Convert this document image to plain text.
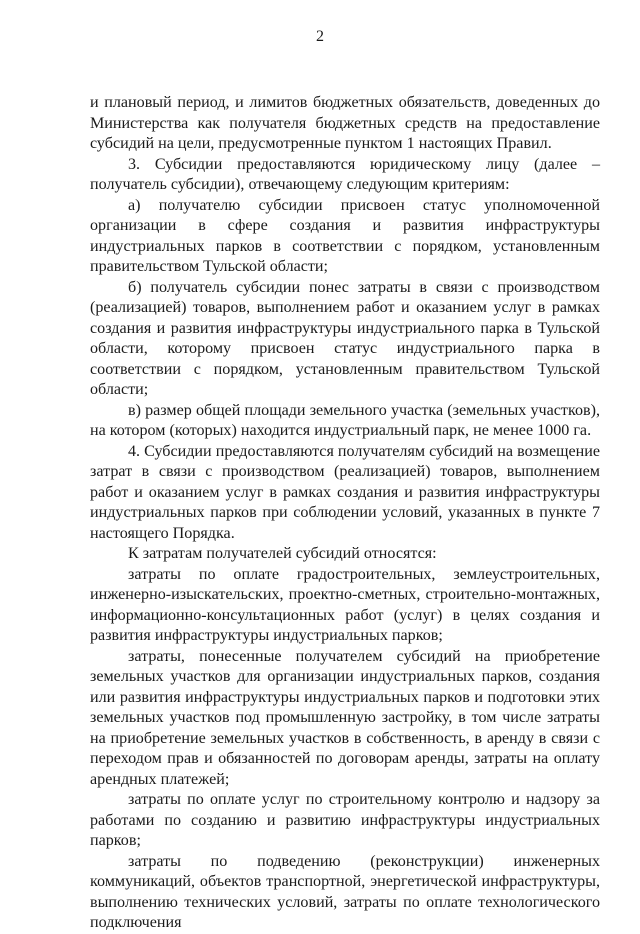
2

и плановый период, и лимитов бюджетных обязательств, доведенных до Министерства как получателя бюджетных средств на предоставление субсидий на цели, предусмотренные пунктом 1 настоящих Правил.

3. Субсидии предоставляются юридическому лицу (далее – получатель субсидии), отвечающему следующим критериям:

а) получателю субсидии присвоен статус уполномоченной организации в сфере создания и развития инфраструктуры индустриальных парков в соответствии с порядком, установленным правительством Тульской области;

б) получатель субсидии понес затраты в связи с производством (реализацией) товаров, выполнением работ и оказанием услуг в рамках создания и развития инфраструктуры индустриального парка в Тульской области, которому присвоен статус индустриального парка в соответствии с порядком, установленным правительством Тульской области;

в) размер общей площади земельного участка (земельных участков), на котором (которых) находится индустриальный парк, не менее 1000 га.

4. Субсидии предоставляются получателям субсидий на возмещение затрат в связи с производством (реализацией) товаров, выполнением работ и оказанием услуг в рамках создания и развития инфраструктуры индустриальных парков при соблюдении условий, указанных в пункте 7 настоящего Порядка.

К затратам получателей субсидий относятся:

затраты по оплате градостроительных, землеустроительных, инженерно-изыскательских, проектно-сметных, строительно-монтажных, информационно-консультационных работ (услуг) в целях создания и развития инфраструктуры индустриальных парков;

затраты, понесенные получателем субсидий на приобретение земельных участков для организации индустриальных парков, создания или развития инфраструктуры индустриальных парков и подготовки этих земельных участков под промышленную застройку, в том числе затраты на приобретение земельных участков в собственность, в аренду в связи с переходом прав и обязанностей по договорам аренды, затраты на оплату арендных платежей;

затраты по оплате услуг по строительному контролю и надзору за работами по созданию и развитию инфраструктуры индустриальных парков;

затраты по подведению (реконструкции) инженерных коммуникаций, объектов транспортной, энергетической инфраструктуры, выполнению технических условий, затраты по оплате технологического подключения
